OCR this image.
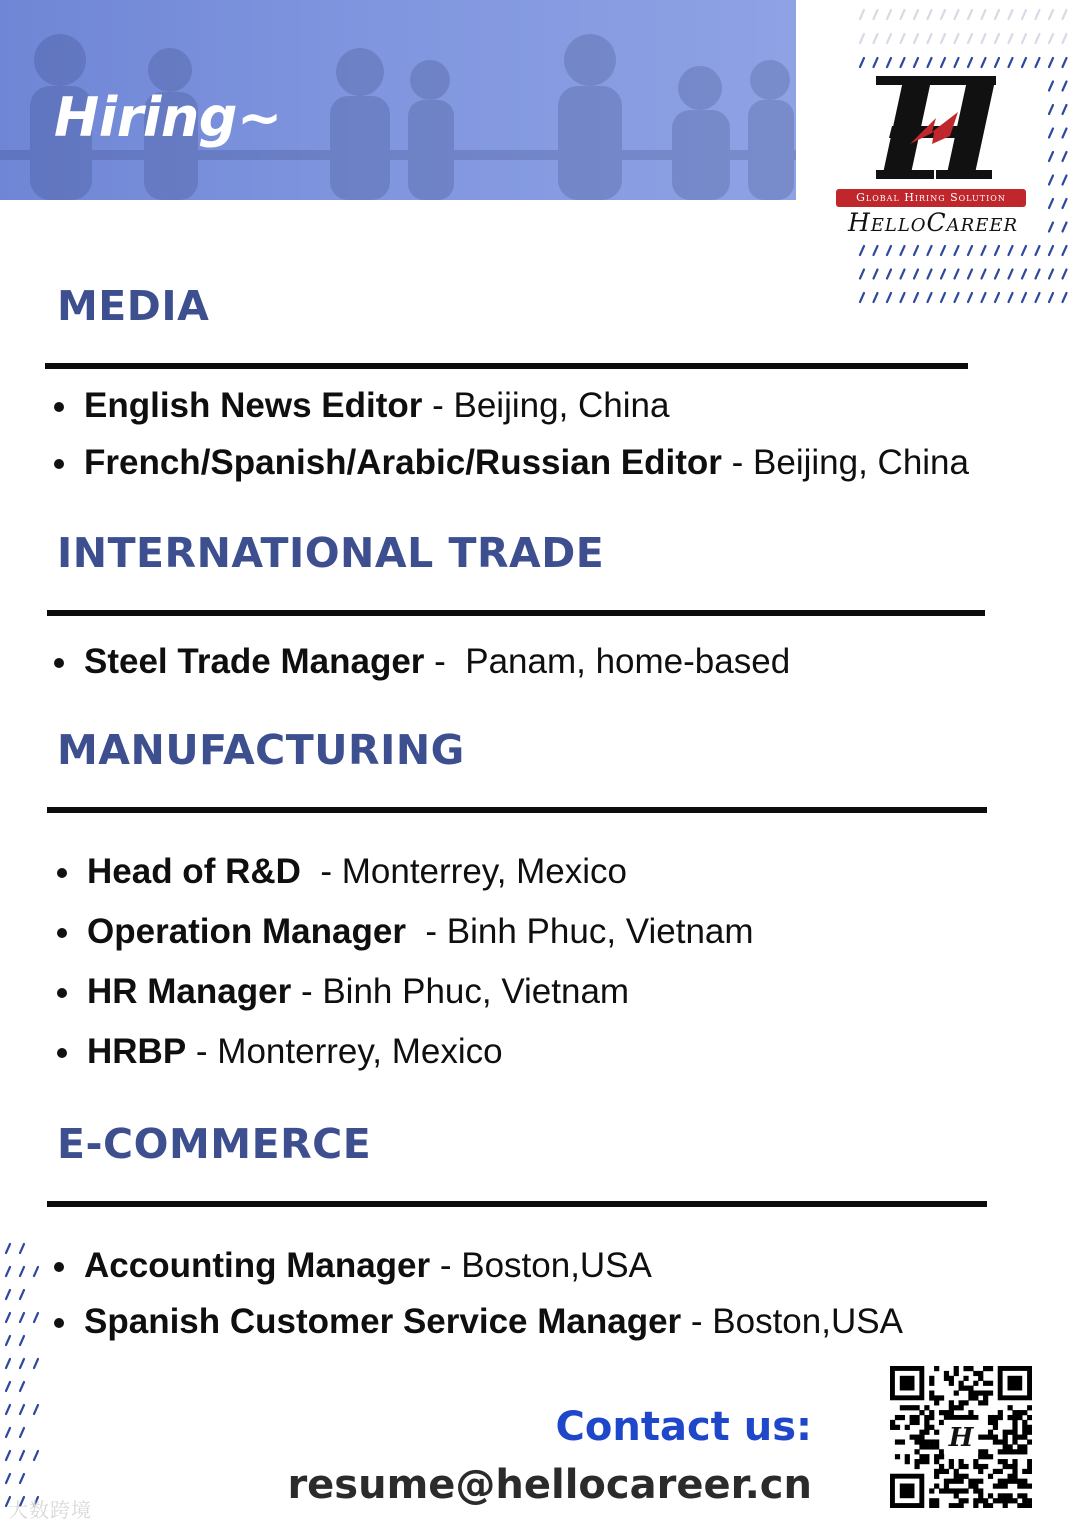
Hiring~
Global Hiring Solution
HelloCareer
MEDIA
English News Editor - Beijing, China
French/Spanish/Arabic/Russian Editor - Beijing, China
INTERNATIONAL TRADE
Steel Trade Manager -  Panam, home-based
MANUFACTURING
Head of R&D  - Monterrey, Mexico
Operation Manager  - Binh Phuc, Vietnam
HR Manager - Binh Phuc, Vietnam
HRBP - Monterrey, Mexico
E-COMMERCE
Accounting Manager - Boston,USA
Spanish Customer Service Manager - Boston,USA
Contact us:
resume@hellocareer.cn
H
大数跨境
